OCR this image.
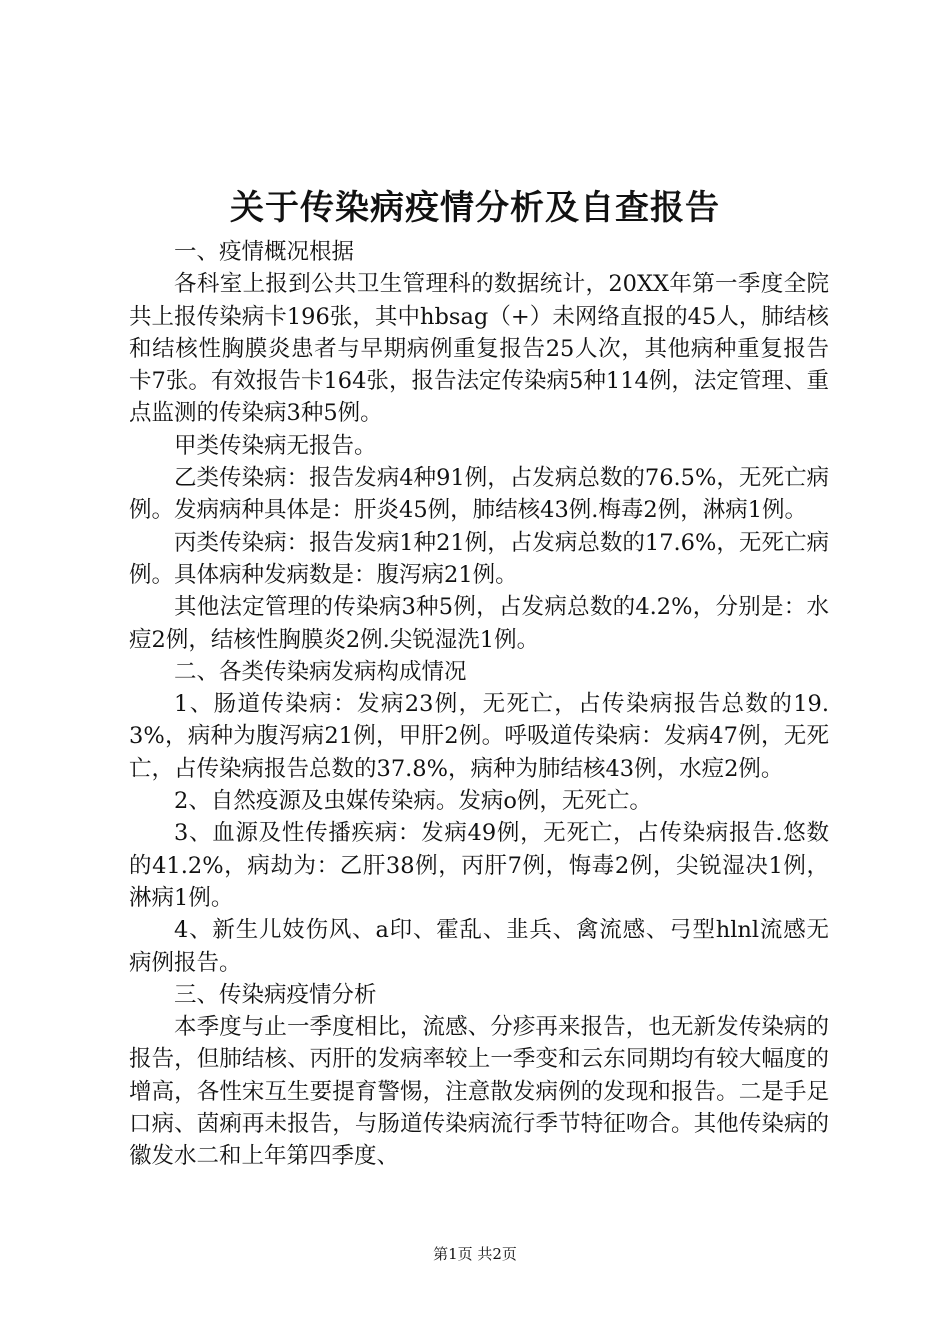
关于传染病疫情分析及自查报告

一、疫情概况根据

各科室上报到公共卫生管理科的数据统计，20XX年第一季度全院共上报传染病卡196张，其中hbsag（+）未网络直报的45人，肺结核和结核性胸膜炎患者与早期病例重复报告25人次，其他病种重复报告卡7张。有效报告卡164张，报告法定传染病5种114例，法定管理、重点监测的传染病3种5例。

甲类传染病无报告。

乙类传染病：报告发病4种91例，占发病总数的76.5%，无死亡病例。发病病种具体是：肝炎45例，肺结核43例.梅毒2例，淋病1例。

丙类传染病：报告发病1种21例，占发病总数的17.6%，无死亡病例。具体病种发病数是：腹泻病21例。

其他法定管理的传染病3种5例，占发病总数的4.2%，分别是：水痘2例，结核性胸膜炎2例.尖锐湿洗1例。

二、各类传染病发病构成情况

1、肠道传染病：发病23例，无死亡，占传染病报告总数的19.3%，病种为腹泻病21例，甲肝2例。呼吸道传染病：发病47例，无死亡，占传染病报告总数的37.8%，病种为肺结核43例，水痘2例。

2、自然疫源及虫媒传染病。发病o例，无死亡。

3、血源及性传播疾病：发病49例，无死亡，占传染病报告.悠数的41.2%，病劫为：乙肝38例，丙肝7例，悔毒2例，尖锐湿决1例，淋病1例。

4、新生儿妓伤风、a印、霍乱、韭兵、禽流感、弓型hlnl流感无病例报告。

三、传染病疫情分析

本季度与止一季度相比，流感、分疹再来报告，也无新发传染病的报告，但肺结核、丙肝的发病率较上一季变和云东同期均有较大幅度的增高，各性宋互生要提育警惕，注意散发病例的发现和报告。二是手足口病、茵痢再未报告，与肠道传染病流行季节特征吻合。其他传染病的徽发水二和上年第四季度、

第1页 共2页
